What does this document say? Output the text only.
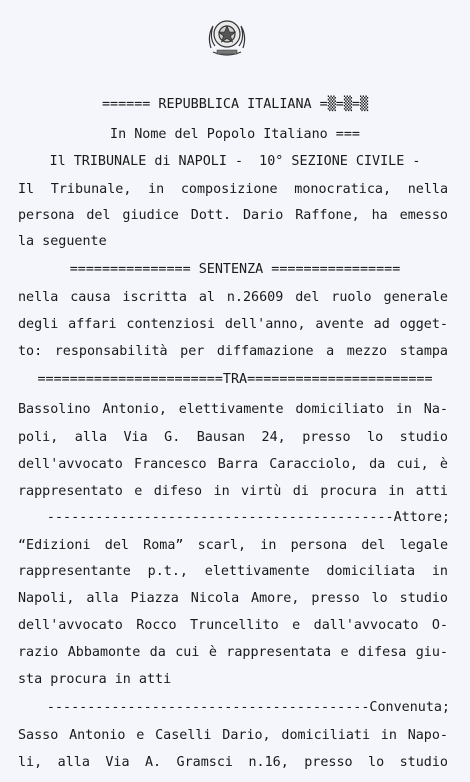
====== REPUBBLICA ITALIANA =▒=▒=▒
In Nome del Popolo Italiano ===
Il TRIBUNALE di NAPOLI -  10° SEZIONE CIVILE -
Il Tribunale, in composizione monocratica, nella
persona del giudice Dott. Dario Raffone, ha emesso
la seguente
=============== SENTENZA ================
nella causa iscritta al n.26609 del ruolo generale
degli affari contenziosi dell'anno, avente ad ogget-
to: responsabilità per diffamazione a mezzo stampa
=======================TRA=======================
Bassolino Antonio, elettivamente domiciliato in Na-
poli, alla Via G. Bausan 24, presso lo studio
dell'avvocato Francesco Barra Caracciolo, da cui, è
rappresentato e difeso in virtù di procura in atti
-------------------------------------------Attore;
“Edizioni del Roma” scarl, in persona del legale
rappresentante p.t., elettivamente domiciliata in
Napoli, alla Piazza Nicola Amore, presso lo studio
dell'avvocato Rocco Truncellito e dall'avvocato O-
razio Abbamonte da cui è rappresentata e difesa giu-
sta procura in atti
----------------------------------------Convenuta;
Sasso Antonio e Caselli Dario, domiciliati in Napo-
li, alla Via A. Gramsci n.16, presso lo studio
